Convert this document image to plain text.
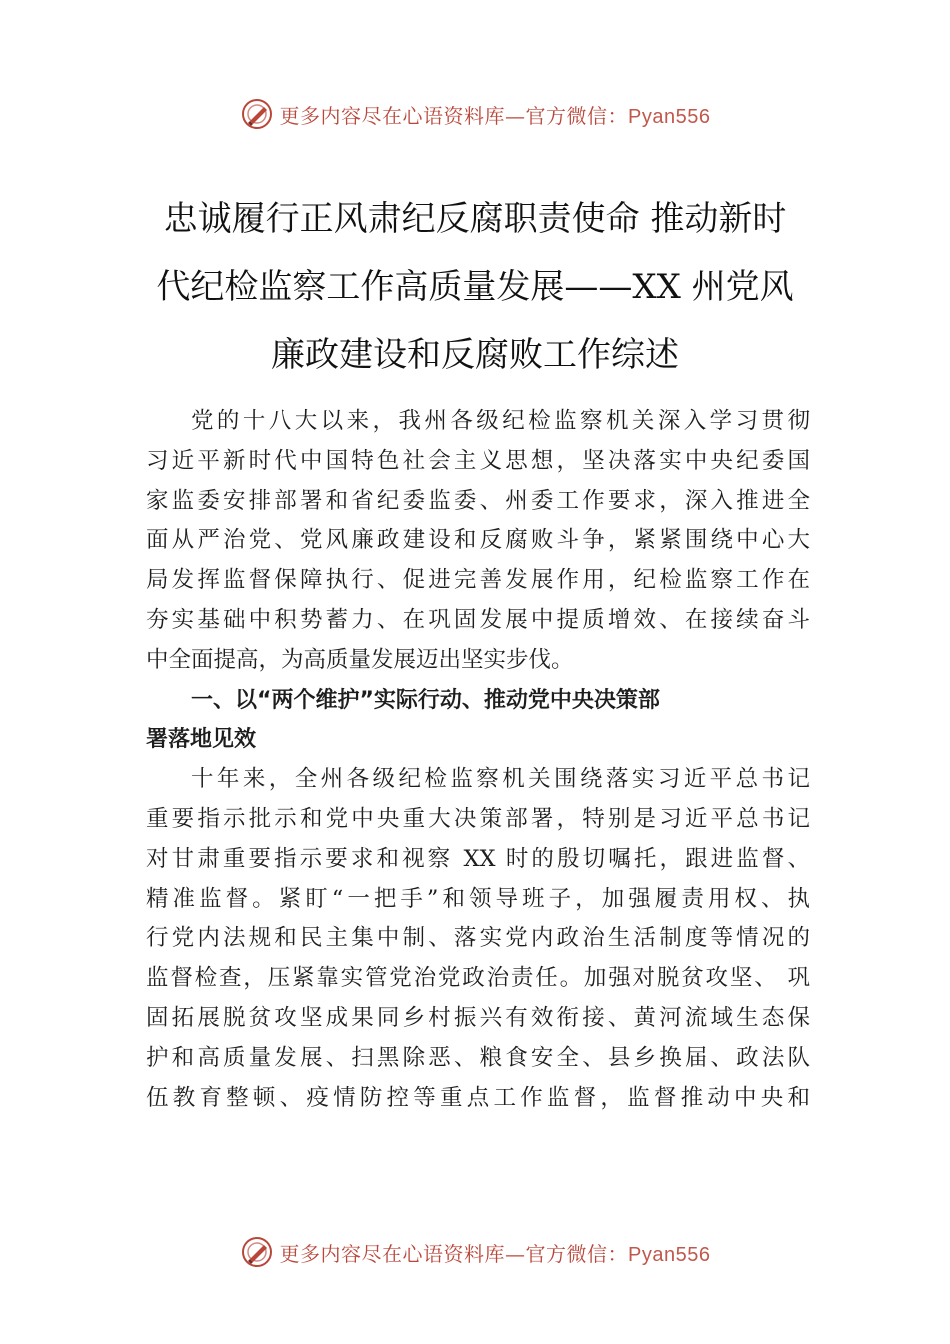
更多内容尽在心语资料库—官方微信：Pyan556
忠诚履行正风肃纪反腐职责使命 推动新时
代纪检监察工作高质量发展——XX 州党风
廉政建设和反腐败工作综述
党的十八大以来，我州各级纪检监察机关深入学习贯彻
习近平新时代中国特色社会主义思想，坚决落实中央纪委国
家监委安排部署和省纪委监委、州委工作要求，深入推进全
面从严治党、党风廉政建设和反腐败斗争，紧紧围绕中心大
局发挥监督保障执行、促进完善发展作用，纪检监察工作在
夯实基础中积势蓄力、在巩固发展中提质增效、在接续奋斗
中全面提高，为高质量发展迈出坚实步伐。
一、以“两个维护”实际行动、推动党中央决策部
署落地见效
十年来，全州各级纪检监察机关围绕落实习近平总书记
重要指示批示和党中央重大决策部署，特别是习近平总书记
对甘肃重要指示要求和视察 XX 时的殷切嘱托，跟进监督、
精准监督。紧盯“一把手”和领导班子，加强履责用权、执
行党内法规和民主集中制、落实党内政治生活制度等情况的
监督检查，压紧靠实管党治党政治责任。加强对脱贫攻坚、 巩
固拓展脱贫攻坚成果同乡村振兴有效衔接、黄河流域生态保
护和高质量发展、扫黑除恶、粮食安全、县乡换届、政法队
伍教育整顿、疫情防控等重点工作监督，监督推动中央和
更多内容尽在心语资料库—官方微信：Pyan556
